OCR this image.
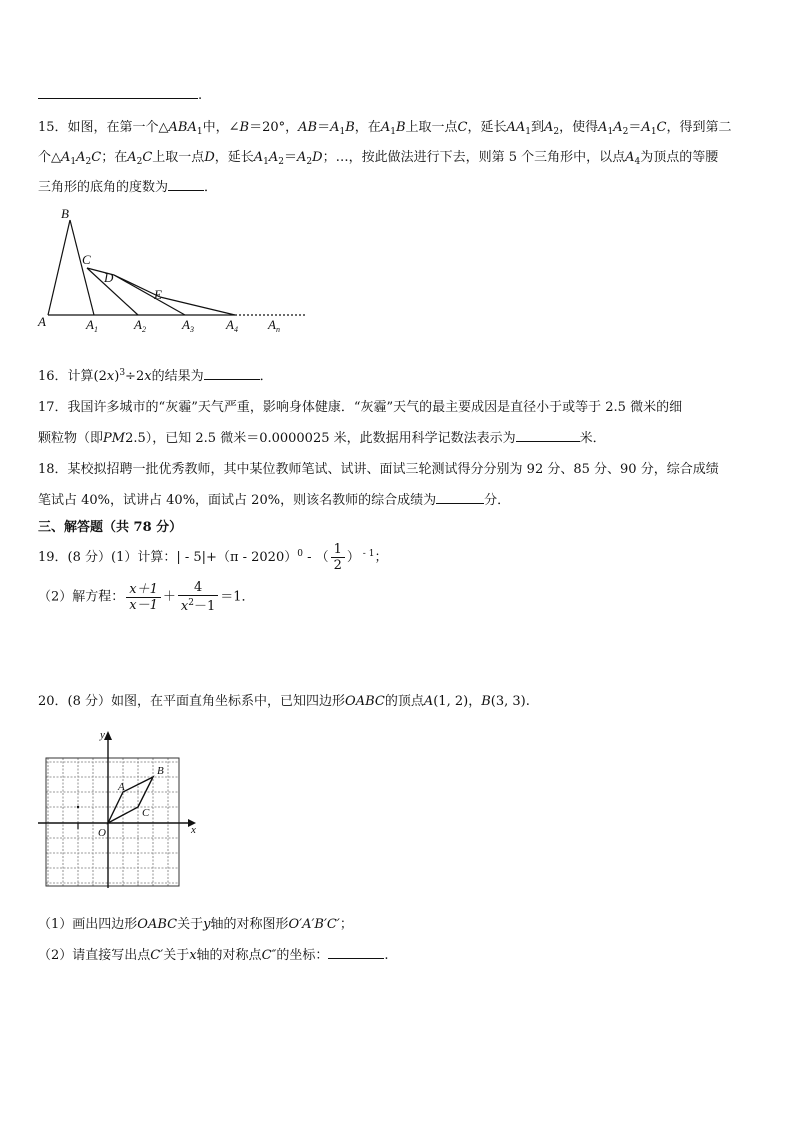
.
15．如图，在第一个$\triangle ABA_1$中，∠B＝20°，$AB=A_1B$，在$A_1B$上取一点C，延长$AA_1$到$A_2$，使得$A_1A_2=A_1C$，得到第二
个$\triangle A_1A_2C$；在$A_2C$上取一点D，延长$A_1A_2=A_2D$；…，按此做法进行下去，则第 5 个三角形中，以点$A_4$为顶点的等腰
三角形的底角的度数为	．
B
C
D
E
A	$A_1$	$A_2$	$A_3$ $A_4$ $A_n$
16．计算$(2x)^3\div 2x$的结果为	．
17．我国许多城市的“灰霾”天气严重，影响身体健康．“灰霾”天气的最主要成因是直径小于或等于 2.5 微米的细
颗粒物（即PM2.5），已知 2.5 微米＝0.0000025 米，此数据用科学记数法表示为	米．
18．某校拟招聘一批优秀教师，其中某位教师笔试、试讲、面试三轮测试得分分别为 92 分、85 分、90 分，综合成绩
笔试占 40%，试讲占 40%，面试占 20%，则该名教师的综合成绩为	分．
三、解答题（共 78 分）
19．(8 分）(1）计算：| - 5|+（π - 2020）$^0$ - （ $\frac{1}{2}$ ） $^{- 1}$；
（2）解方程： $\frac{x+1}{x-1} + \frac{4}{x^2-1} =1$．
20．(8 分）如图，在平面直角坐标系中，已知四边形OABC的顶点A(1, 2)，B(3, 3).
y
x
O
A
B
C
（1）画出四边形OABC关于y轴的对称图形O′A′B′C′；
（2）请直接写出点C′关于x轴的对称点C″的坐标：	.
